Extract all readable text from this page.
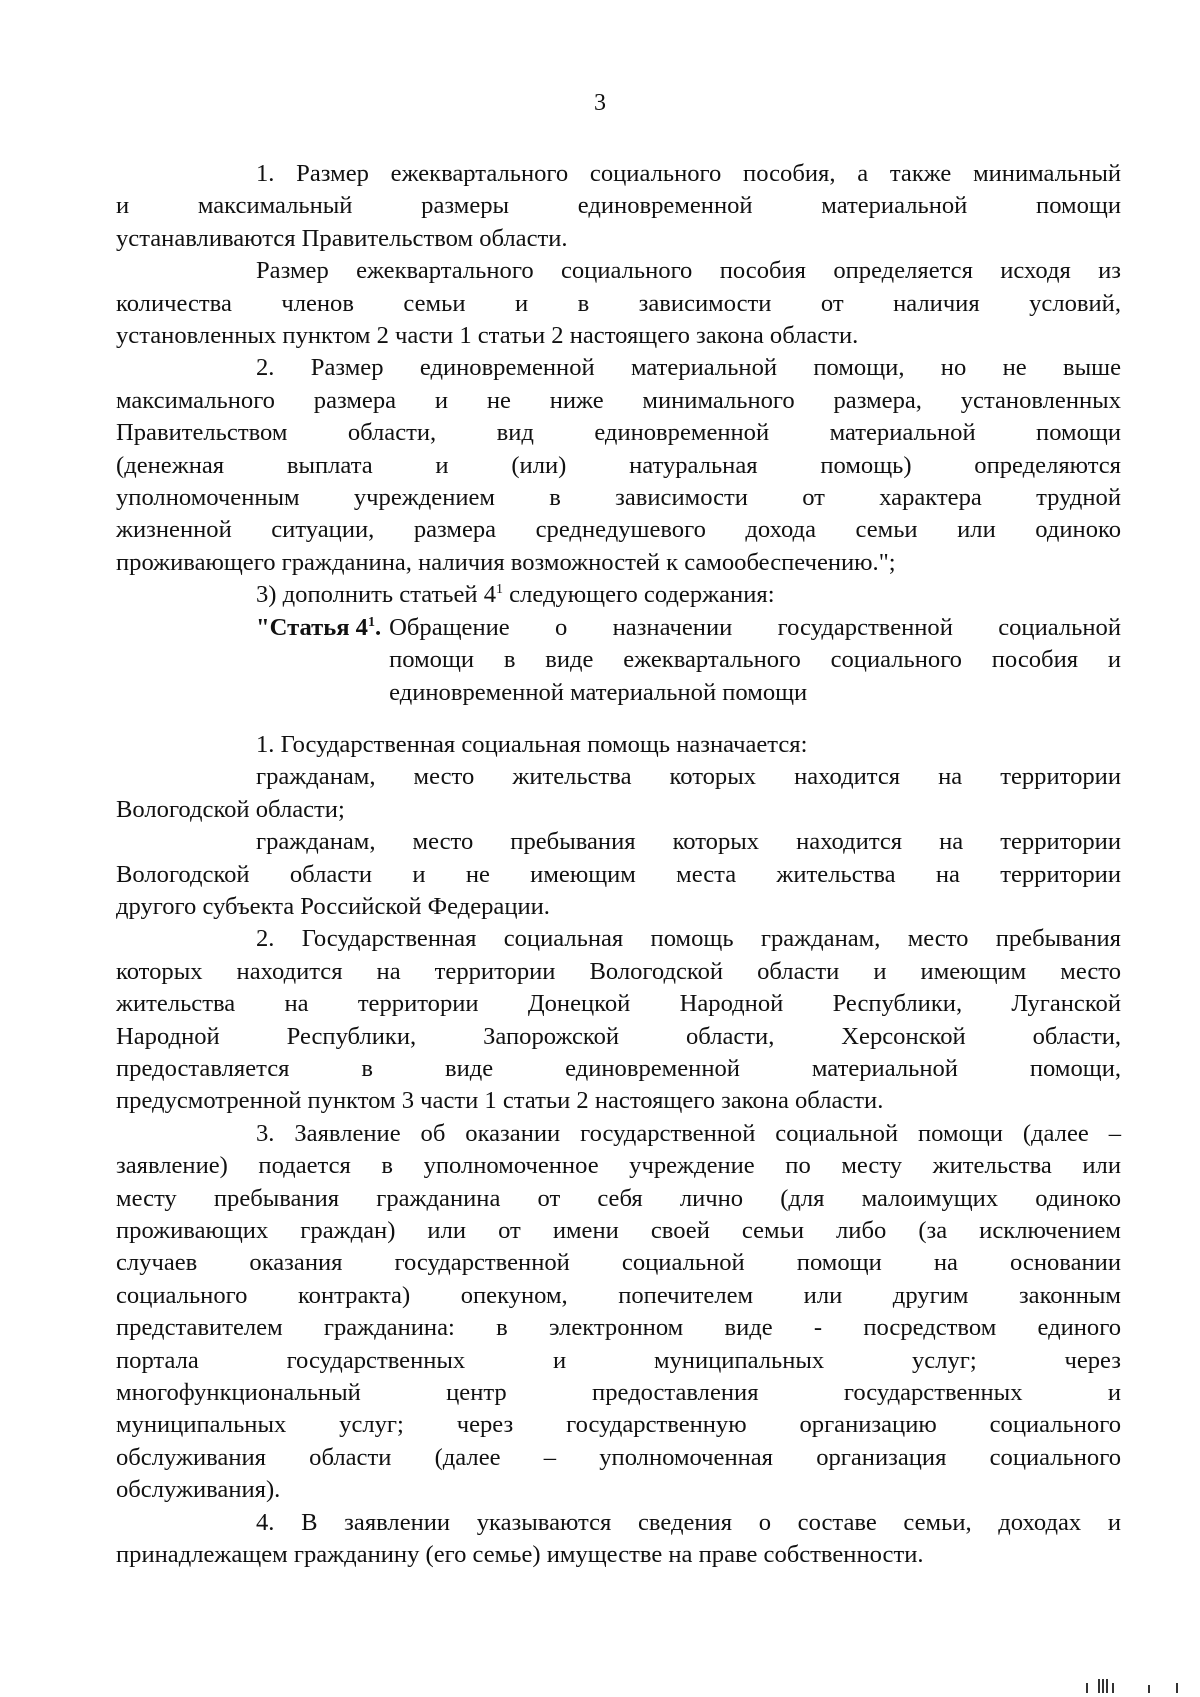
3

1. Размер ежеквартального социального пособия, а также минимальный
и максимальный размеры единовременной материальной помощи
устанавливаются Правительством области.

Размер ежеквартального социального пособия определяется исходя из
количества членов семьи и в зависимости от наличия условий,
установленных пунктом 2 части 1 статьи 2 настоящего закона области.

2. Размер единовременной материальной помощи, но не выше
максимального размера и не ниже минимального размера, установленных
Правительством области, вид единовременной материальной помощи
(денежная выплата и (или) натуральная помощь) определяются
уполномоченным учреждением в зависимости от характера трудной
жизненной ситуации, размера среднедушевого дохода семьи или одиноко
проживающего гражданина, наличия возможностей к самообеспечению.";

3) дополнить статьей $4^1$ следующего содержания:

"Статья $4^1$. Обращение о назначении государственной социальной
помощи в виде ежеквартального социального пособия и
единовременной материальной помощи

1. Государственная социальная помощь назначается:

гражданам, место жительства которых находится на территории
Вологодской области;

гражданам, место пребывания которых находится на территории
Вологодской области и не имеющим места жительства на территории
другого субъекта Российской Федерации.

2. Государственная социальная помощь гражданам, место пребывания
которых находится на территории Вологодской области и имеющим место
жительства на территории Донецкой Народной Республики, Луганской
Народной Республики, Запорожской области, Херсонской области,
предоставляется в виде единовременной материальной помощи,
предусмотренной пунктом 3 части 1 статьи 2 настоящего закона области.

3. Заявление об оказании государственной социальной помощи (далее –
заявление) подается в уполномоченное учреждение по месту жительства или
месту пребывания гражданина от себя лично (для малоимущих одиноко
проживающих граждан) или от имени своей семьи либо (за исключением
случаев оказания государственной социальной помощи на основании
социального контракта) опекуном, попечителем или другим законным
представителем гражданина: в электронном виде - посредством единого
портала государственных и муниципальных услуг; через
многофункциональный центр предоставления государственных и
муниципальных услуг; через государственную организацию социального
обслуживания области (далее – уполномоченная организация социального
обслуживания).

4. В заявлении указываются сведения о составе семьи, доходах и
принадлежащем гражданину (его семье) имуществе на праве собственности.
